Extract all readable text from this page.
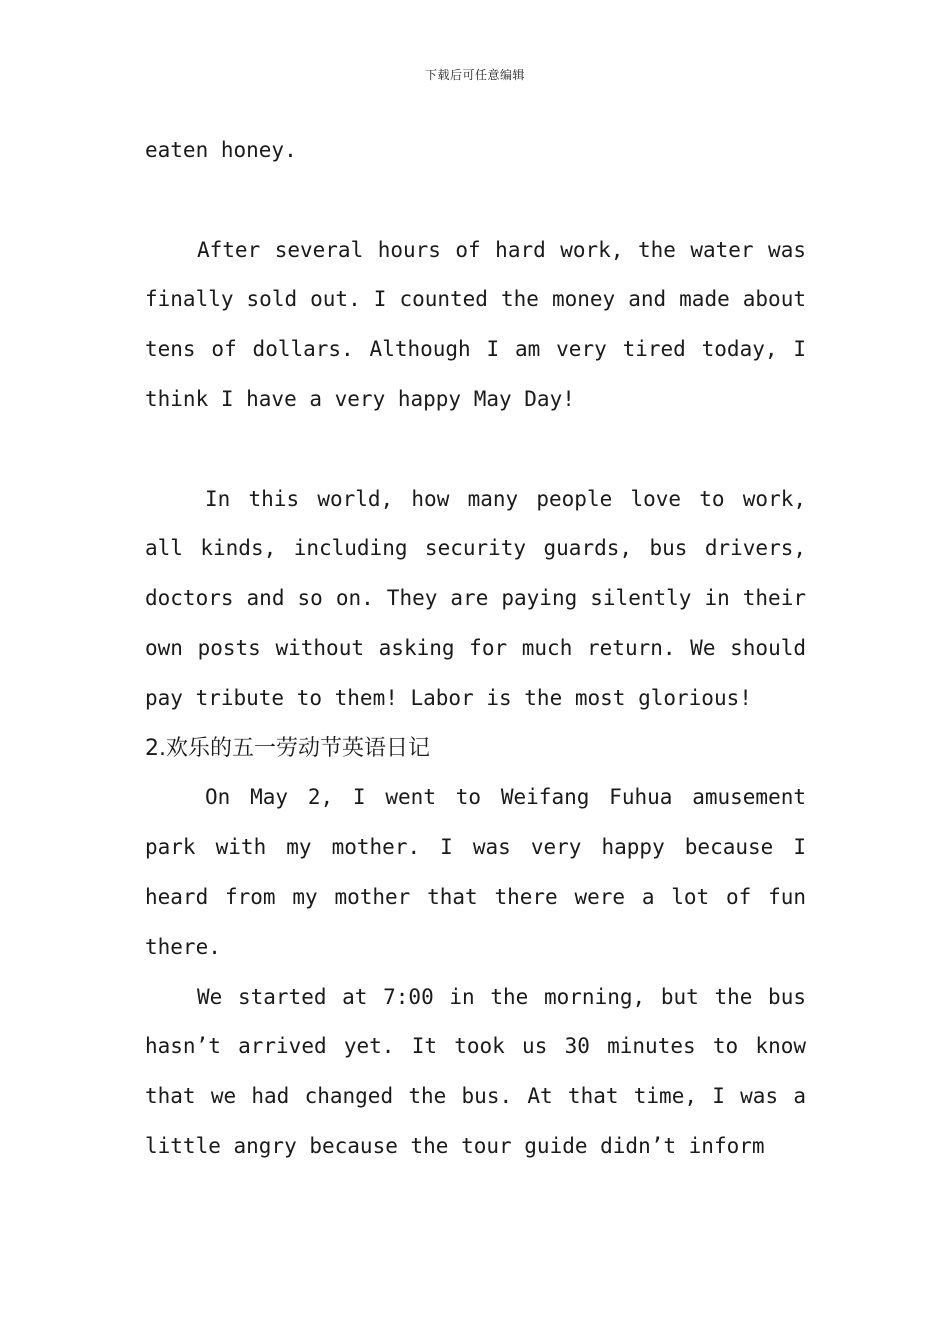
下载后可任意编辑

eaten honey.

After several hours of hard work, the water was finally sold out. I counted the money and made about tens of dollars. Although I am very tired today, I think I have a very happy May Day!

In this world, how many people love to work, all kinds, including security guards, bus drivers, doctors and so on. They are paying silently in their own posts without asking for much return. We should pay tribute to them! Labor is the most glorious!

2.欢乐的五一劳动节英语日记

On May 2, I went to Weifang Fuhua amusement park with my mother. I was very happy because I heard from my mother that there were a lot of fun there.

We started at 7:00 in the morning, but the bus hasn’t arrived yet. It took us 30 minutes to know that we had changed the bus. At that time, I was a little angry because the tour guide didn’t inform
